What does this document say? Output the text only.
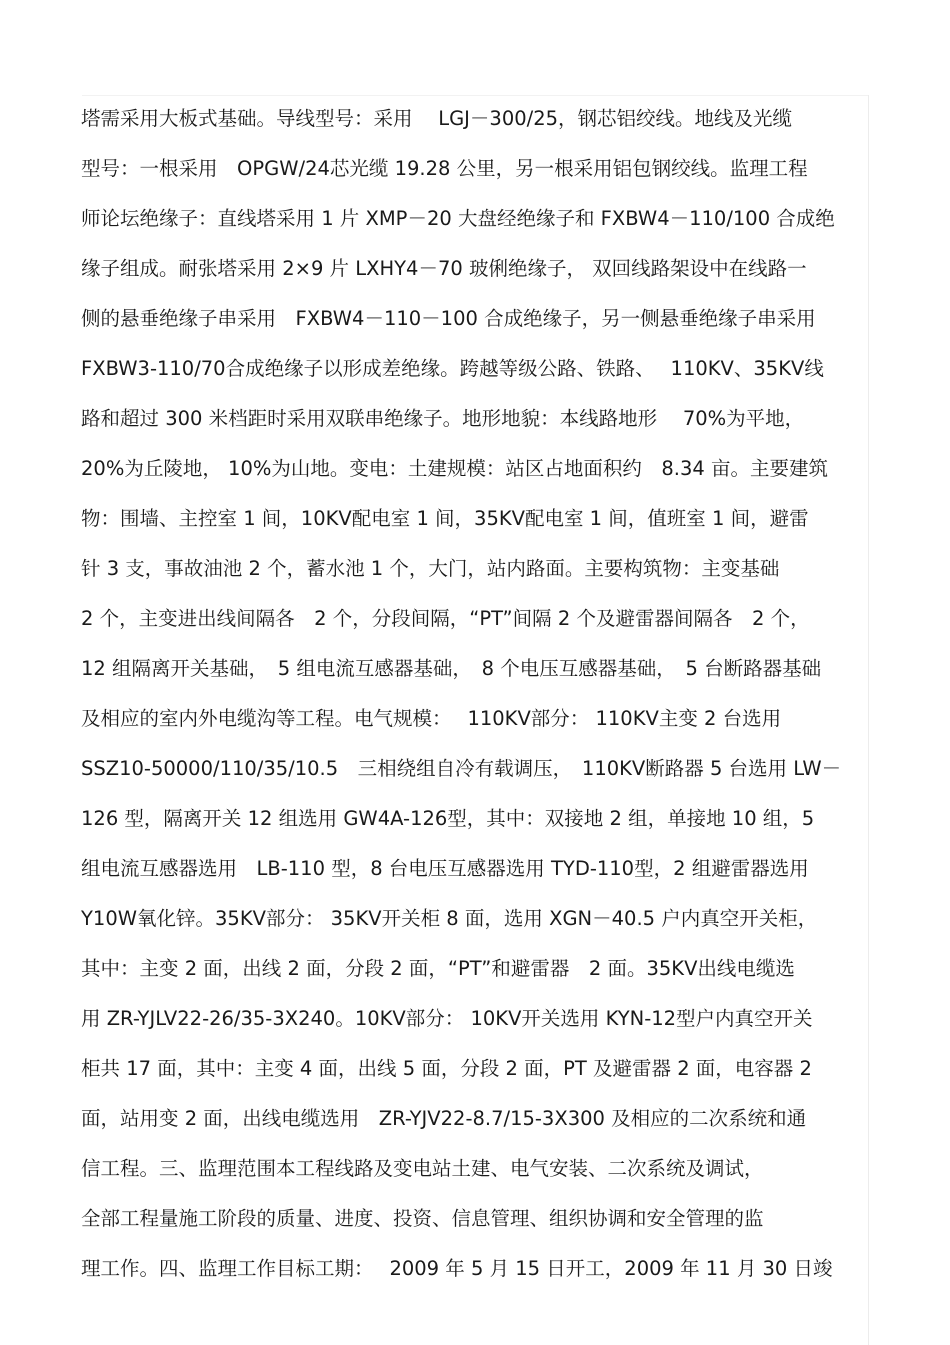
塔需采用大板式基础。导线型号：采用　 LGJ－300/25，钢芯铝绞线。地线及光缆
型号：一根采用　OPGW/24芯光缆 19.28 公里，另一根采用铝包钢绞线。监理工程
师论坛绝缘子：直线塔采用 1 片 XMP－20 大盘经绝缘子和 FXBW4－110/100 合成绝
缘子组成。耐张塔采用 2×9 片 LXHY4－70 玻俐绝缘子， 双回线路架设中在线路一
侧的悬垂绝缘子串采用　FXBW4－110－100 合成绝缘子，另一侧悬垂绝缘子串采用
FXBW3-110/70合成绝缘子以形成差绝缘。跨越等级公路、铁路、　 110KV、35KV线
路和超过 300 米档距时采用双联串绝缘子。地形地貌：本线路地形　 70%为平地，
20%为丘陵地， 10%为山地。变电：土建规模：站区占地面积约　8.34 亩。主要建筑
物：围墙、主控室 1 间，10KV配电室 1 间，35KV配电室 1 间，值班室 1 间，避雷
针 3 支，事故油池 2 个，蓄水池 1 个，大门，站内路面。主要构筑物：主变基础
2 个，主变进出线间隔各　2 个，分段间隔，“PT”间隔 2 个及避雷器间隔各　2 个，
12 组隔离开关基础，　5 组电流互感器基础，　8 个电压互感器基础，　5 台断路器基础
及相应的室内外电缆沟等工程。电气规模：　 110KV部分： 110KV主变 2 台选用
SSZ10-50000/110/35/10.5　三相绕组自冷有载调压，　110KV断路器 5 台选用 LW－
126 型，隔离开关 12 组选用 GW4A-126型，其中：双接地 2 组，单接地 10 组，5
组电流互感器选用　LB-110 型，8 台电压互感器选用 TYD-110型，2 组避雷器选用
Y10W氧化锌。35KV部分： 35KV开关柜 8 面，选用 XGN－40.5 户内真空开关柜，
其中：主变 2 面，出线 2 面，分段 2 面，“PT”和避雷器　2 面。35KV出线电缆选
用 ZR-YJLV22-26/35-3X240。10KV部分： 10KV开关选用 KYN-12型户内真空开关
柜共 17 面，其中：主变 4 面，出线 5 面，分段 2 面，PT 及避雷器 2 面，电容器 2
面，站用变 2 面，出线电缆选用　ZR-YJV22-8.7/15-3X300 及相应的二次系统和通
信工程。三、监理范围本工程线路及变电站土建、电气安装、二次系统及调试，
全部工程量施工阶段的质量、进度、投资、信息管理、组织协调和安全管理的监
理工作。四、监理工作目标工期：　 2009 年 5 月 15 日开工，2009 年 11 月 30 日竣
